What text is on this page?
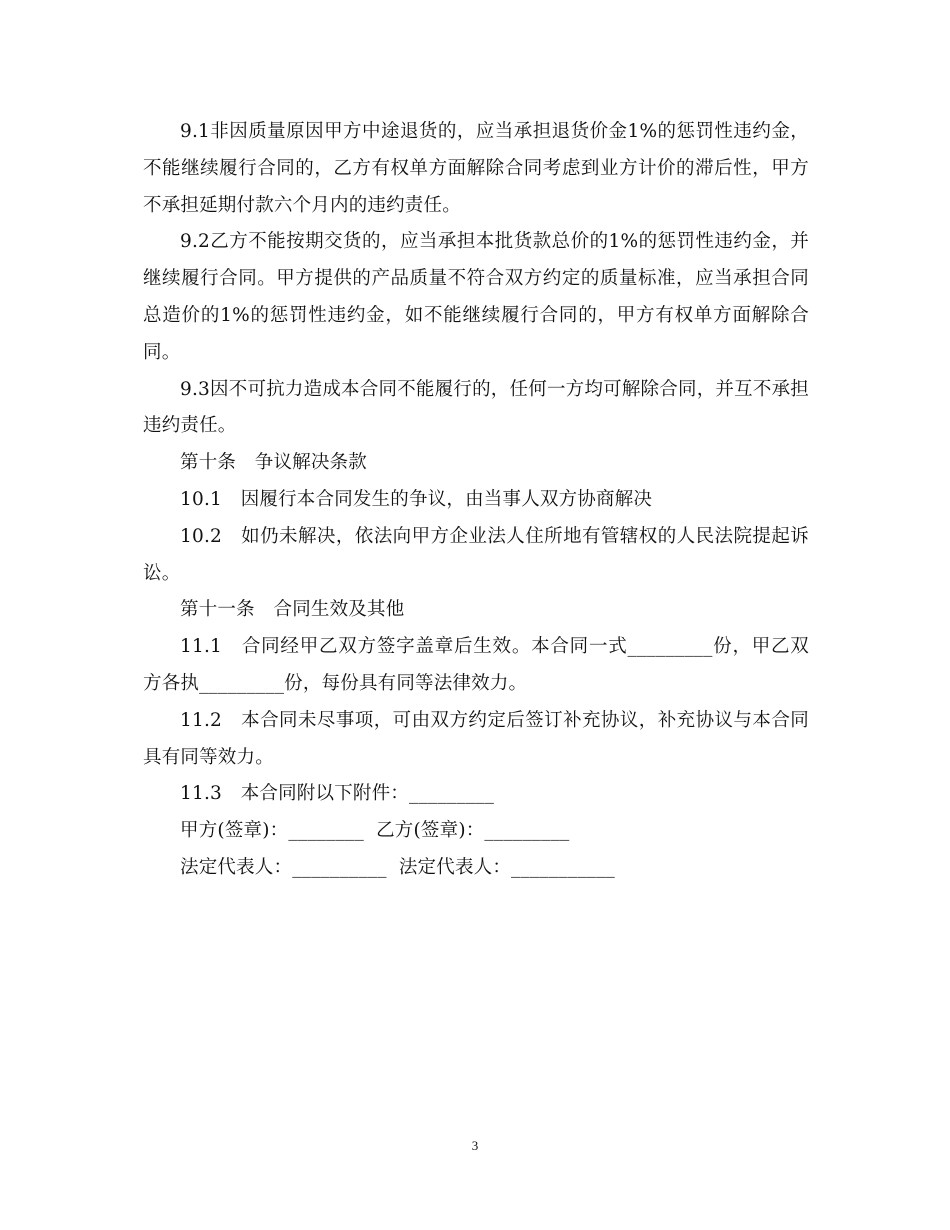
9.1非因质量原因甲方中途退货的，应当承担退货价金1%的惩罚性违约金，不能继续履行合同的，乙方有权单方面解除合同考虑到业方计价的滞后性，甲方不承担延期付款六个月内的违约责任。

9.2乙方不能按期交货的，应当承担本批货款总价的1%的惩罚性违约金，并继续履行合同。甲方提供的产品质量不符合双方约定的质量标准，应当承担合同总造价的1%的惩罚性违约金，如不能继续履行合同的，甲方有权单方面解除合同。

9.3因不可抗力造成本合同不能履行的，任何一方均可解除合同，并互不承担违约责任。

第十条　争议解决条款

10.1　因履行本合同发生的争议，由当事人双方协商解决

10.2　如仍未解决，依法向甲方企业法人住所地有管辖权的人民法院提起诉讼。

第十一条　合同生效及其他

11.1　合同经甲乙双方签字盖章后生效。本合同一式_________份，甲乙双方各执_________份，每份具有同等法律效力。

11.2　本合同未尽事项，可由双方约定后签订补充协议，补充协议与本合同具有同等效力。

11.3　本合同附以下附件：_________

甲方(签章)：________  乙方(签章)：_________

法定代表人：__________  法定代表人：___________

3
